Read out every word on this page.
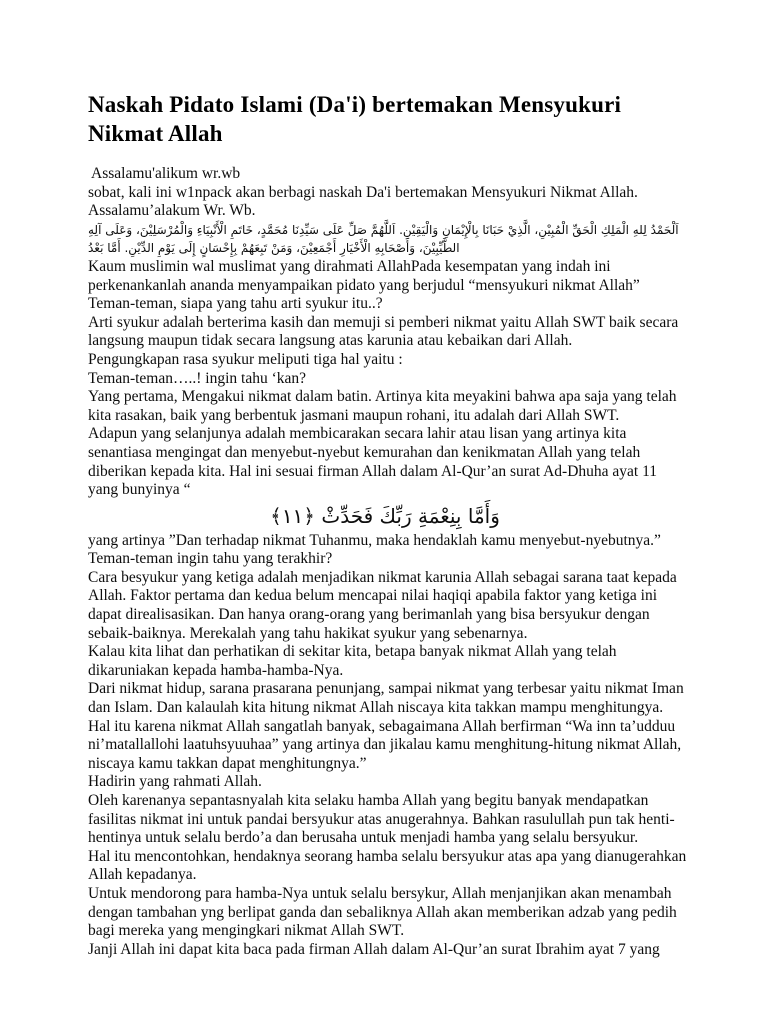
Naskah Pidato Islami (Da'i) bertemakan Mensyukuri
Nikmat Allah
Assalamu'alikum wr.wb
sobat, kali ini w1npack akan berbagi naskah Da'i bertemakan Mensyukuri Nikmat Allah.
Assalamu’alakum Wr. Wb.
اَلْحَمْدُ لِلهِ الْمَلِكِ الْحَقِّ الْمُبِيْنِ، الَّذِيْ حَبَانَا بِالْإِيْمَانِ وَالْيَقِيْنِ. اَللَّهُمَّ صَلِّ عَلَى سَيِّدِنَا مُحَمَّدٍ، خَاتَمِ الْأَنْبِيَاءِ وَالْمُرْسَلِيْنَ، وَعَلَى آلِهِ الطَّيِّبِيْنَ، وَأَصْحَابِهِ الْأَخْيَارِ أَجْمَعِيْنَ، وَمَنْ تَبِعَهُمْ بِإِحْسَانٍ إِلَى يَوْمِ الدِّيْنِ. أَمَّا بَعْدُ
Kaum muslimin wal muslimat yang dirahmati AllahPada kesempatan yang indah ini
perkenankanlah ananda menyampaikan pidato yang berjudul “mensyukuri nikmat Allah”
Teman-teman, siapa yang tahu arti syukur itu..?
Arti syukur adalah berterima kasih dan memuji si pemberi nikmat yaitu Allah SWT baik secara
langsung maupun tidak secara langsung atas karunia atau kebaikan dari Allah.
Pengungkapan rasa syukur meliputi tiga hal yaitu :
Teman-teman…..! ingin tahu ‘kan?
Yang pertama, Mengakui nikmat dalam batin. Artinya kita meyakini bahwa apa saja yang telah
kita rasakan, baik yang berbentuk jasmani maupun rohani, itu adalah dari Allah SWT.
Adapun yang selanjunya adalah membicarakan secara lahir atau lisan yang artinya kita
senantiasa mengingat dan menyebut-nyebut kemurahan dan kenikmatan Allah yang telah
diberikan kepada kita. Hal ini sesuai firman Allah dalam Al-Qur’an surat Ad-Dhuha ayat 11
yang bunyinya “
وَأَمَّا بِنِعْمَةِ رَبِّكَ فَحَدِّثْ ﴿١١﴾
yang artinya ”Dan terhadap nikmat Tuhanmu, maka hendaklah kamu menyebut-nyebutnya.”
Teman-teman ingin tahu yang terakhir?
Cara besyukur yang ketiga adalah menjadikan nikmat karunia Allah sebagai sarana taat kepada
Allah. Faktor pertama dan kedua belum mencapai nilai haqiqi apabila faktor yang ketiga ini
dapat direalisasikan. Dan hanya orang-orang yang berimanlah yang bisa bersyukur dengan
sebaik-baiknya. Merekalah yang tahu hakikat syukur yang sebenarnya.
Kalau kita lihat dan perhatikan di sekitar kita, betapa banyak nikmat Allah yang telah
dikaruniakan kepada hamba-hamba-Nya.
Dari nikmat hidup, sarana prasarana penunjang, sampai nikmat yang terbesar yaitu nikmat Iman
dan Islam. Dan kalaulah kita hitung nikmat Allah niscaya kita takkan mampu menghitungya.
Hal itu karena nikmat Allah sangatlah banyak, sebagaimana Allah berfirman “Wa inn ta’udduu
ni’matallallohi laatuhsyuuhaa” yang artinya dan jikalau kamu menghitung-hitung nikmat Allah,
niscaya kamu takkan dapat menghitungnya.”
Hadirin yang rahmati Allah.
Oleh karenanya sepantasnyalah kita selaku hamba Allah yang begitu banyak mendapatkan
fasilitas nikmat ini untuk pandai bersyukur atas anugerahnya. Bahkan rasulullah pun tak henti-
hentinya untuk selalu berdo’a dan berusaha untuk menjadi hamba yang selalu bersyukur.
Hal itu mencontohkan, hendaknya seorang hamba selalu bersyukur atas apa yang dianugerahkan
Allah kepadanya.
Untuk mendorong para hamba-Nya untuk selalu bersykur, Allah menjanjikan akan menambah
dengan tambahan yng berlipat ganda dan sebaliknya Allah akan memberikan adzab yang pedih
bagi mereka yang mengingkari nikmat Allah SWT.
Janji Allah ini dapat kita baca pada firman Allah dalam Al-Qur’an surat Ibrahim ayat 7 yang
